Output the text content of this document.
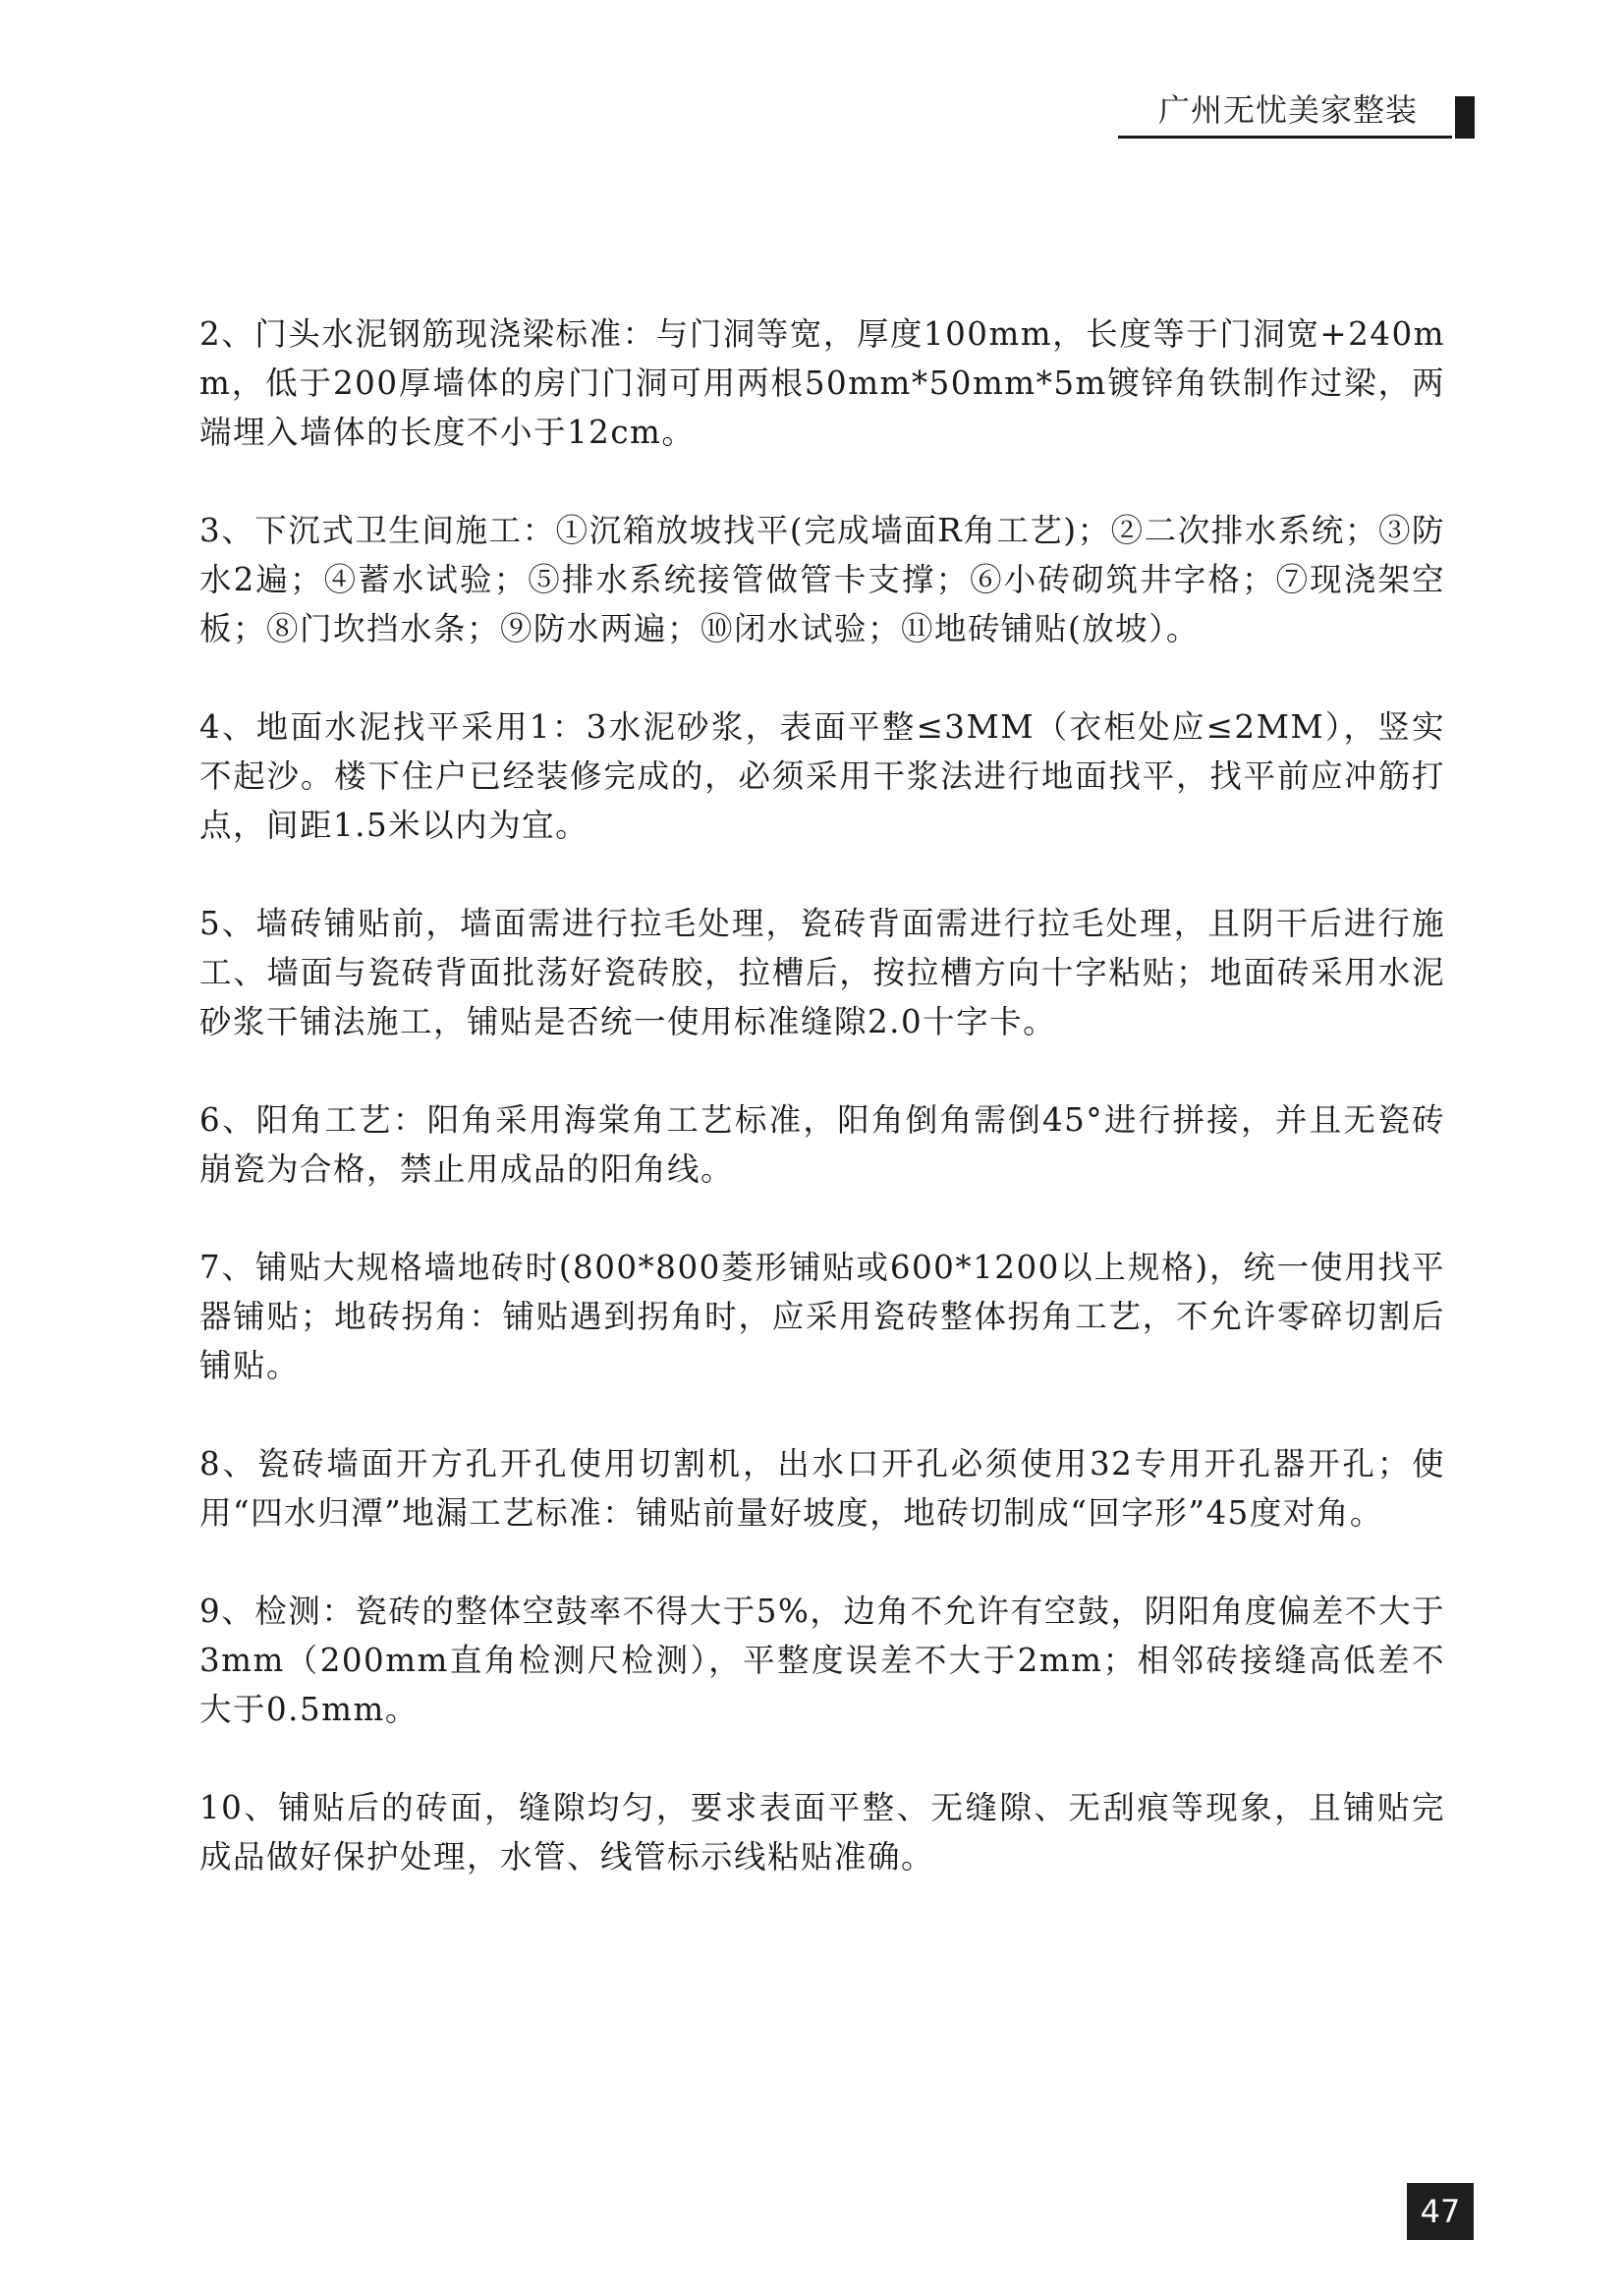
广州无忧美家整装

2、门头水泥钢筋现浇梁标准：与门洞等宽，厚度100mm，长度等于门洞宽+240mm，低于200厚墙体的房门门洞可用两根50mm*50mm*5m镀锌角铁制作过梁，两端埋入墙体的长度不小于12cm。

3、下沉式卫生间施工：①沉箱放坡找平(完成墙面R角工艺)；②二次排水系统；③防水2遍；④蓄水试验；⑤排水系统接管做管卡支撑；⑥小砖砌筑井字格；⑦现浇架空板；⑧门坎挡水条；⑨防水两遍；⑩闭水试验；⑪地砖铺贴(放坡）。

4、地面水泥找平采用1：3水泥砂浆，表面平整≤3MM（衣柜处应≤2MM），竖实不起沙。楼下住户已经装修完成的，必须采用干浆法进行地面找平，找平前应冲筋打点，间距1.5米以内为宜。

5、墙砖铺贴前，墙面需进行拉毛处理，瓷砖背面需进行拉毛处理，且阴干后进行施工、墙面与瓷砖背面批荡好瓷砖胶，拉槽后，按拉槽方向十字粘贴；地面砖采用水泥砂浆干铺法施工，铺贴是否统一使用标准缝隙2.0十字卡。

6、阳角工艺：阳角采用海棠角工艺标准，阳角倒角需倒45°进行拼接，并且无瓷砖崩瓷为合格，禁止用成品的阳角线。

7、铺贴大规格墙地砖时(800*800菱形铺贴或600*1200以上规格)，统一使用找平器铺贴；地砖拐角：铺贴遇到拐角时，应采用瓷砖整体拐角工艺，不允许零碎切割后铺贴。

8、瓷砖墙面开方孔开孔使用切割机，出水口开孔必须使用32专用开孔器开孔；使用“四水归潭”地漏工艺标准：铺贴前量好坡度，地砖切制成“回字形”45度对角。

9、检测：瓷砖的整体空鼓率不得大于5%，边角不允许有空鼓，阴阳角度偏差不大于3mm（200mm直角检测尺检测），平整度误差不大于2mm；相邻砖接缝高低差不大于0.5mm。

10、铺贴后的砖面，缝隙均匀，要求表面平整、无缝隙、无刮痕等现象，且铺贴完成品做好保护处理，水管、线管标示线粘贴准确。

47
